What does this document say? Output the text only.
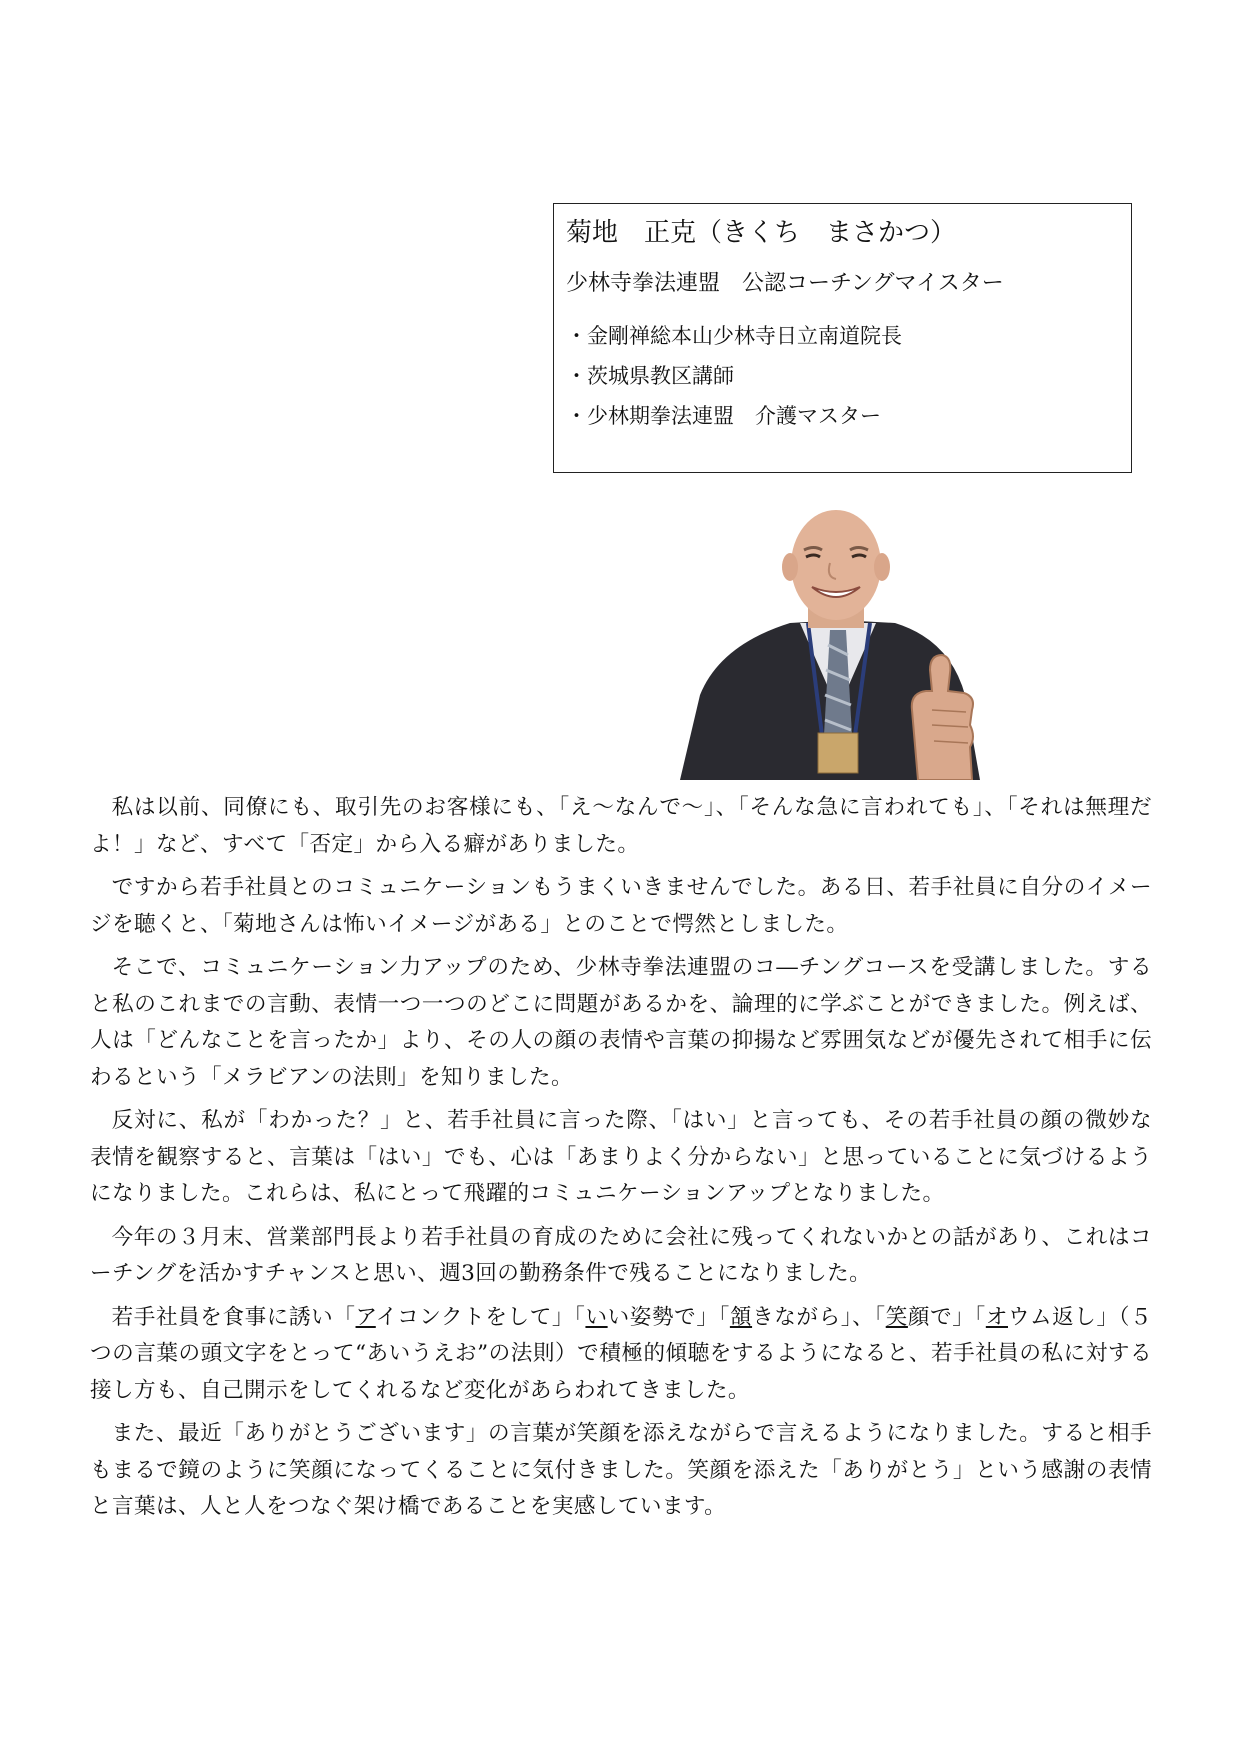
菊地　正克（きくち　まさかつ）
少林寺拳法連盟　公認コーチングマイスター
・金剛禅総本山少林寺日立南道院長
・茨城県教区講師
・少林期拳法連盟　介護マスター

私は以前、同僚にも、取引先のお客様にも、「え～なんで～」、「そんな急に言われても」、「それは無理だよ！」など、すべて「否定」から入る癖がありました。

ですから若手社員とのコミュニケーションもうまくいきませんでした。ある日、若手社員に自分のイメージを聴くと、「菊地さんは怖いイメージがある」とのことで愕然としました。

そこで、コミュニケーション力アップのため、少林寺拳法連盟のコ―チングコースを受講しました。すると私のこれまでの言動、表情一つ一つのどこに問題があるかを、論理的に学ぶことができました。例えば、人は「どんなことを言ったか」より、その人の顔の表情や言葉の抑揚など雰囲気などが優先されて相手に伝わるという「メラビアンの法則」を知りました。

反対に、私が「わかった？」と、若手社員に言った際、「はい」と言っても、その若手社員の顔の微妙な表情を観察すると、言葉は「はい」でも、心は「あまりよく分からない」と思っていることに気づけるようになりました。これらは、私にとって飛躍的コミュニケーションアップとなりました。

今年の３月末、営業部門長より若手社員の育成のために会社に残ってくれないかとの話があり、これはコーチングを活かすチャンスと思い、週3回の勤務条件で残ることになりました。

若手社員を食事に誘い「アイコンクトをして」「いい姿勢で」「頷きながら」、「笑顔で」「オウム返し」（５つの言葉の頭文字をとって“あいうえお”の法則）で積極的傾聴をするようになると、若手社員の私に対する接し方も、自己開示をしてくれるなど変化があらわれてきました。

また、最近「ありがとうございます」の言葉が笑顔を添えながらで言えるようになりました。すると相手もまるで鏡のように笑顔になってくることに気付きました。笑顔を添えた「ありがとう」という感謝の表情と言葉は、人と人をつなぐ架け橋であることを実感しています。
